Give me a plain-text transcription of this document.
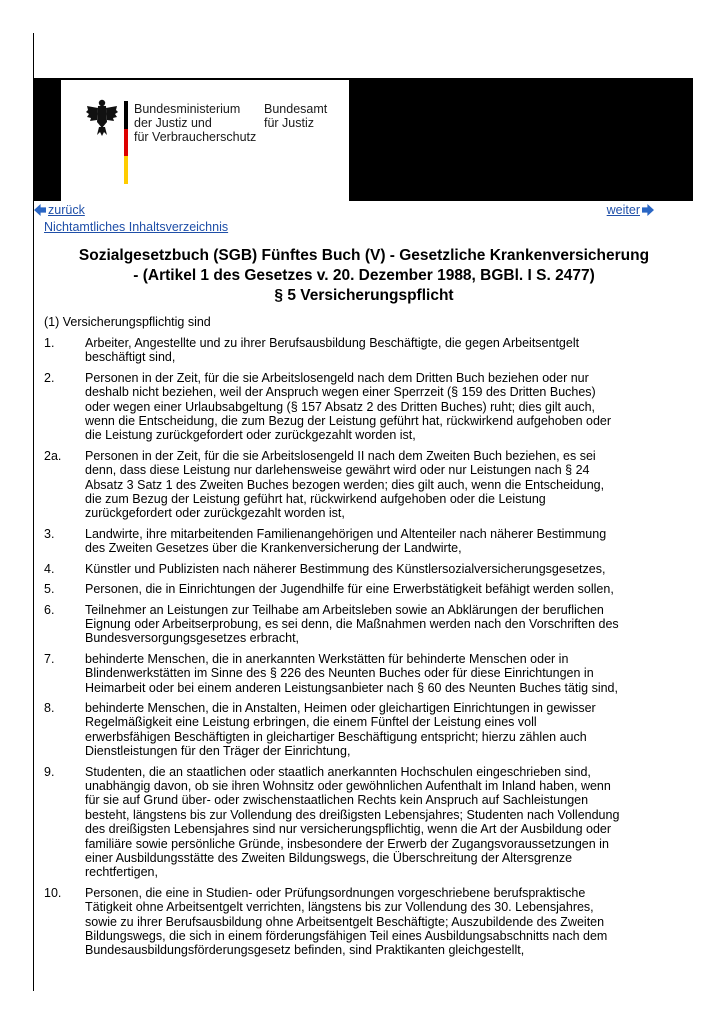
Bundesministerium
der Justiz und
für Verbraucherschutz
Bundesamt
für Justiz
zurück	weiter
Nichtamtliches Inhaltsverzeichnis
Sozialgesetzbuch (SGB) Fünftes Buch (V) - Gesetzliche Krankenversicherung
- (Artikel 1 des Gesetzes v. 20. Dezember 1988, BGBl. I S. 2477)
§ 5 Versicherungspflicht
(1) Versicherungspflichtig sind
1.	Arbeiter, Angestellte und zu ihrer Berufsausbildung Beschäftigte, die gegen Arbeitsentgelt
beschäftigt sind,
2.	Personen in der Zeit, für die sie Arbeitslosengeld nach dem Dritten Buch beziehen oder nur
deshalb nicht beziehen, weil der Anspruch wegen einer Sperrzeit (§ 159 des Dritten Buches)
oder wegen einer Urlaubsabgeltung (§ 157 Absatz 2 des Dritten Buches) ruht; dies gilt auch,
wenn die Entscheidung, die zum Bezug der Leistung geführt hat, rückwirkend aufgehoben oder
die Leistung zurückgefordert oder zurückgezahlt worden ist,
2a.	Personen in der Zeit, für die sie Arbeitslosengeld II nach dem Zweiten Buch beziehen, es sei
denn, dass diese Leistung nur darlehensweise gewährt wird oder nur Leistungen nach § 24
Absatz 3 Satz 1 des Zweiten Buches bezogen werden; dies gilt auch, wenn die Entscheidung,
die zum Bezug der Leistung geführt hat, rückwirkend aufgehoben oder die Leistung
zurückgefordert oder zurückgezahlt worden ist,
3.	Landwirte, ihre mitarbeitenden Familienangehörigen und Altenteiler nach näherer Bestimmung
des Zweiten Gesetzes über die Krankenversicherung der Landwirte,
4.	Künstler und Publizisten nach näherer Bestimmung des Künstlersozialversicherungsgesetzes,
5.	Personen, die in Einrichtungen der Jugendhilfe für eine Erwerbstätigkeit befähigt werden sollen,
6.	Teilnehmer an Leistungen zur Teilhabe am Arbeitsleben sowie an Abklärungen der beruflichen
Eignung oder Arbeitserprobung, es sei denn, die Maßnahmen werden nach den Vorschriften des
Bundesversorgungsgesetzes erbracht,
7.	behinderte Menschen, die in anerkannten Werkstätten für behinderte Menschen oder in
Blindenwerkstätten im Sinne des § 226 des Neunten Buches oder für diese Einrichtungen in
Heimarbeit oder bei einem anderen Leistungsanbieter nach § 60 des Neunten Buches tätig sind,
8.	behinderte Menschen, die in Anstalten, Heimen oder gleichartigen Einrichtungen in gewisser
Regelmäßigkeit eine Leistung erbringen, die einem Fünftel der Leistung eines voll
erwerbsfähigen Beschäftigten in gleichartiger Beschäftigung entspricht; hierzu zählen auch
Dienstleistungen für den Träger der Einrichtung,
9.	Studenten, die an staatlichen oder staatlich anerkannten Hochschulen eingeschrieben sind,
unabhängig davon, ob sie ihren Wohnsitz oder gewöhnlichen Aufenthalt im Inland haben, wenn
für sie auf Grund über- oder zwischenstaatlichen Rechts kein Anspruch auf Sachleistungen
besteht, längstens bis zur Vollendung des dreißigsten Lebensjahres; Studenten nach Vollendung
des dreißigsten Lebensjahres sind nur versicherungspflichtig, wenn die Art der Ausbildung oder
familiäre sowie persönliche Gründe, insbesondere der Erwerb der Zugangsvoraussetzungen in
einer Ausbildungsstätte des Zweiten Bildungswegs, die Überschreitung der Altersgrenze
rechtfertigen,
10.	Personen, die eine in Studien- oder Prüfungsordnungen vorgeschriebene berufspraktische
Tätigkeit ohne Arbeitsentgelt verrichten, längstens bis zur Vollendung des 30. Lebensjahres,
sowie zu ihrer Berufsausbildung ohne Arbeitsentgelt Beschäftigte; Auszubildende des Zweiten
Bildungswegs, die sich in einem förderungsfähigen Teil eines Ausbildungsabschnitts nach dem
Bundesausbildungsförderungsgesetz befinden, sind Praktikanten gleichgestellt,
